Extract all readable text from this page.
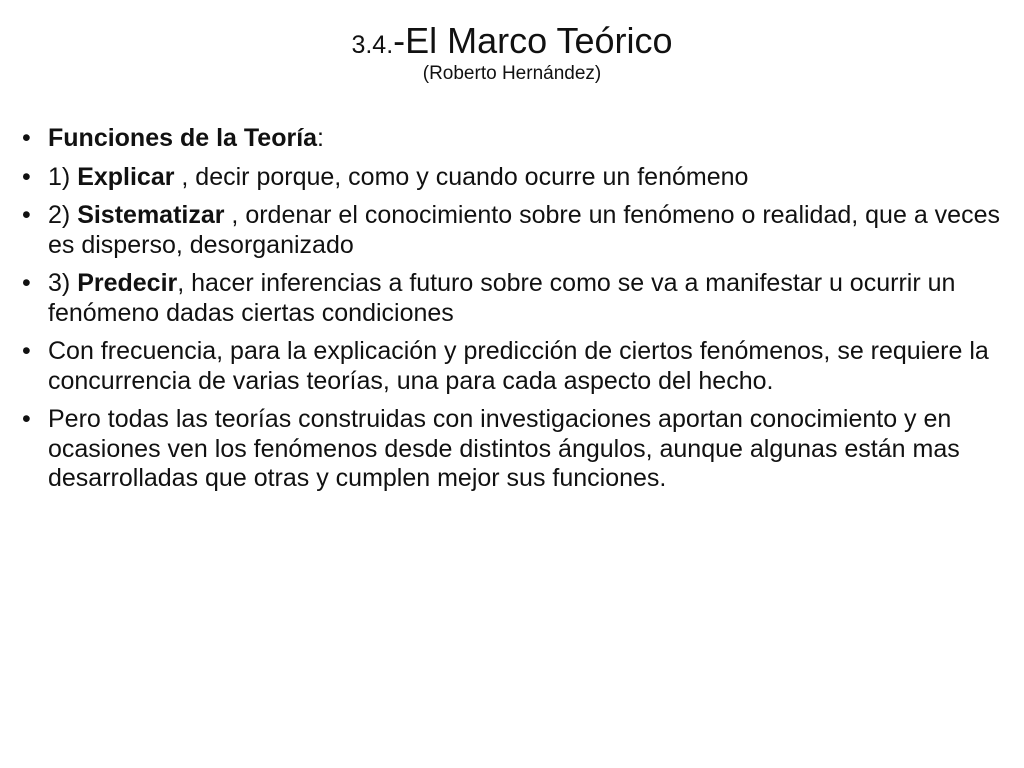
3.4.-El Marco Teórico
(Roberto Hernández)
• Funciones de la Teoría:
• 1) Explicar , decir porque, como y cuando ocurre un fenómeno
• 2) Sistematizar , ordenar el conocimiento sobre un fenómeno o realidad, que a veces es disperso, desorganizado
• 3) Predecir, hacer inferencias a futuro sobre como se va a manifestar u ocurrir un fenómeno dadas ciertas condiciones
• Con frecuencia, para la explicación y predicción de ciertos fenómenos, se requiere la concurrencia de varias teorías, una para cada aspecto del hecho.
• Pero todas las teorías construidas con investigaciones aportan conocimiento y en ocasiones ven los fenómenos desde distintos ángulos, aunque algunas están mas desarrolladas que otras y cumplen mejor sus funciones.
